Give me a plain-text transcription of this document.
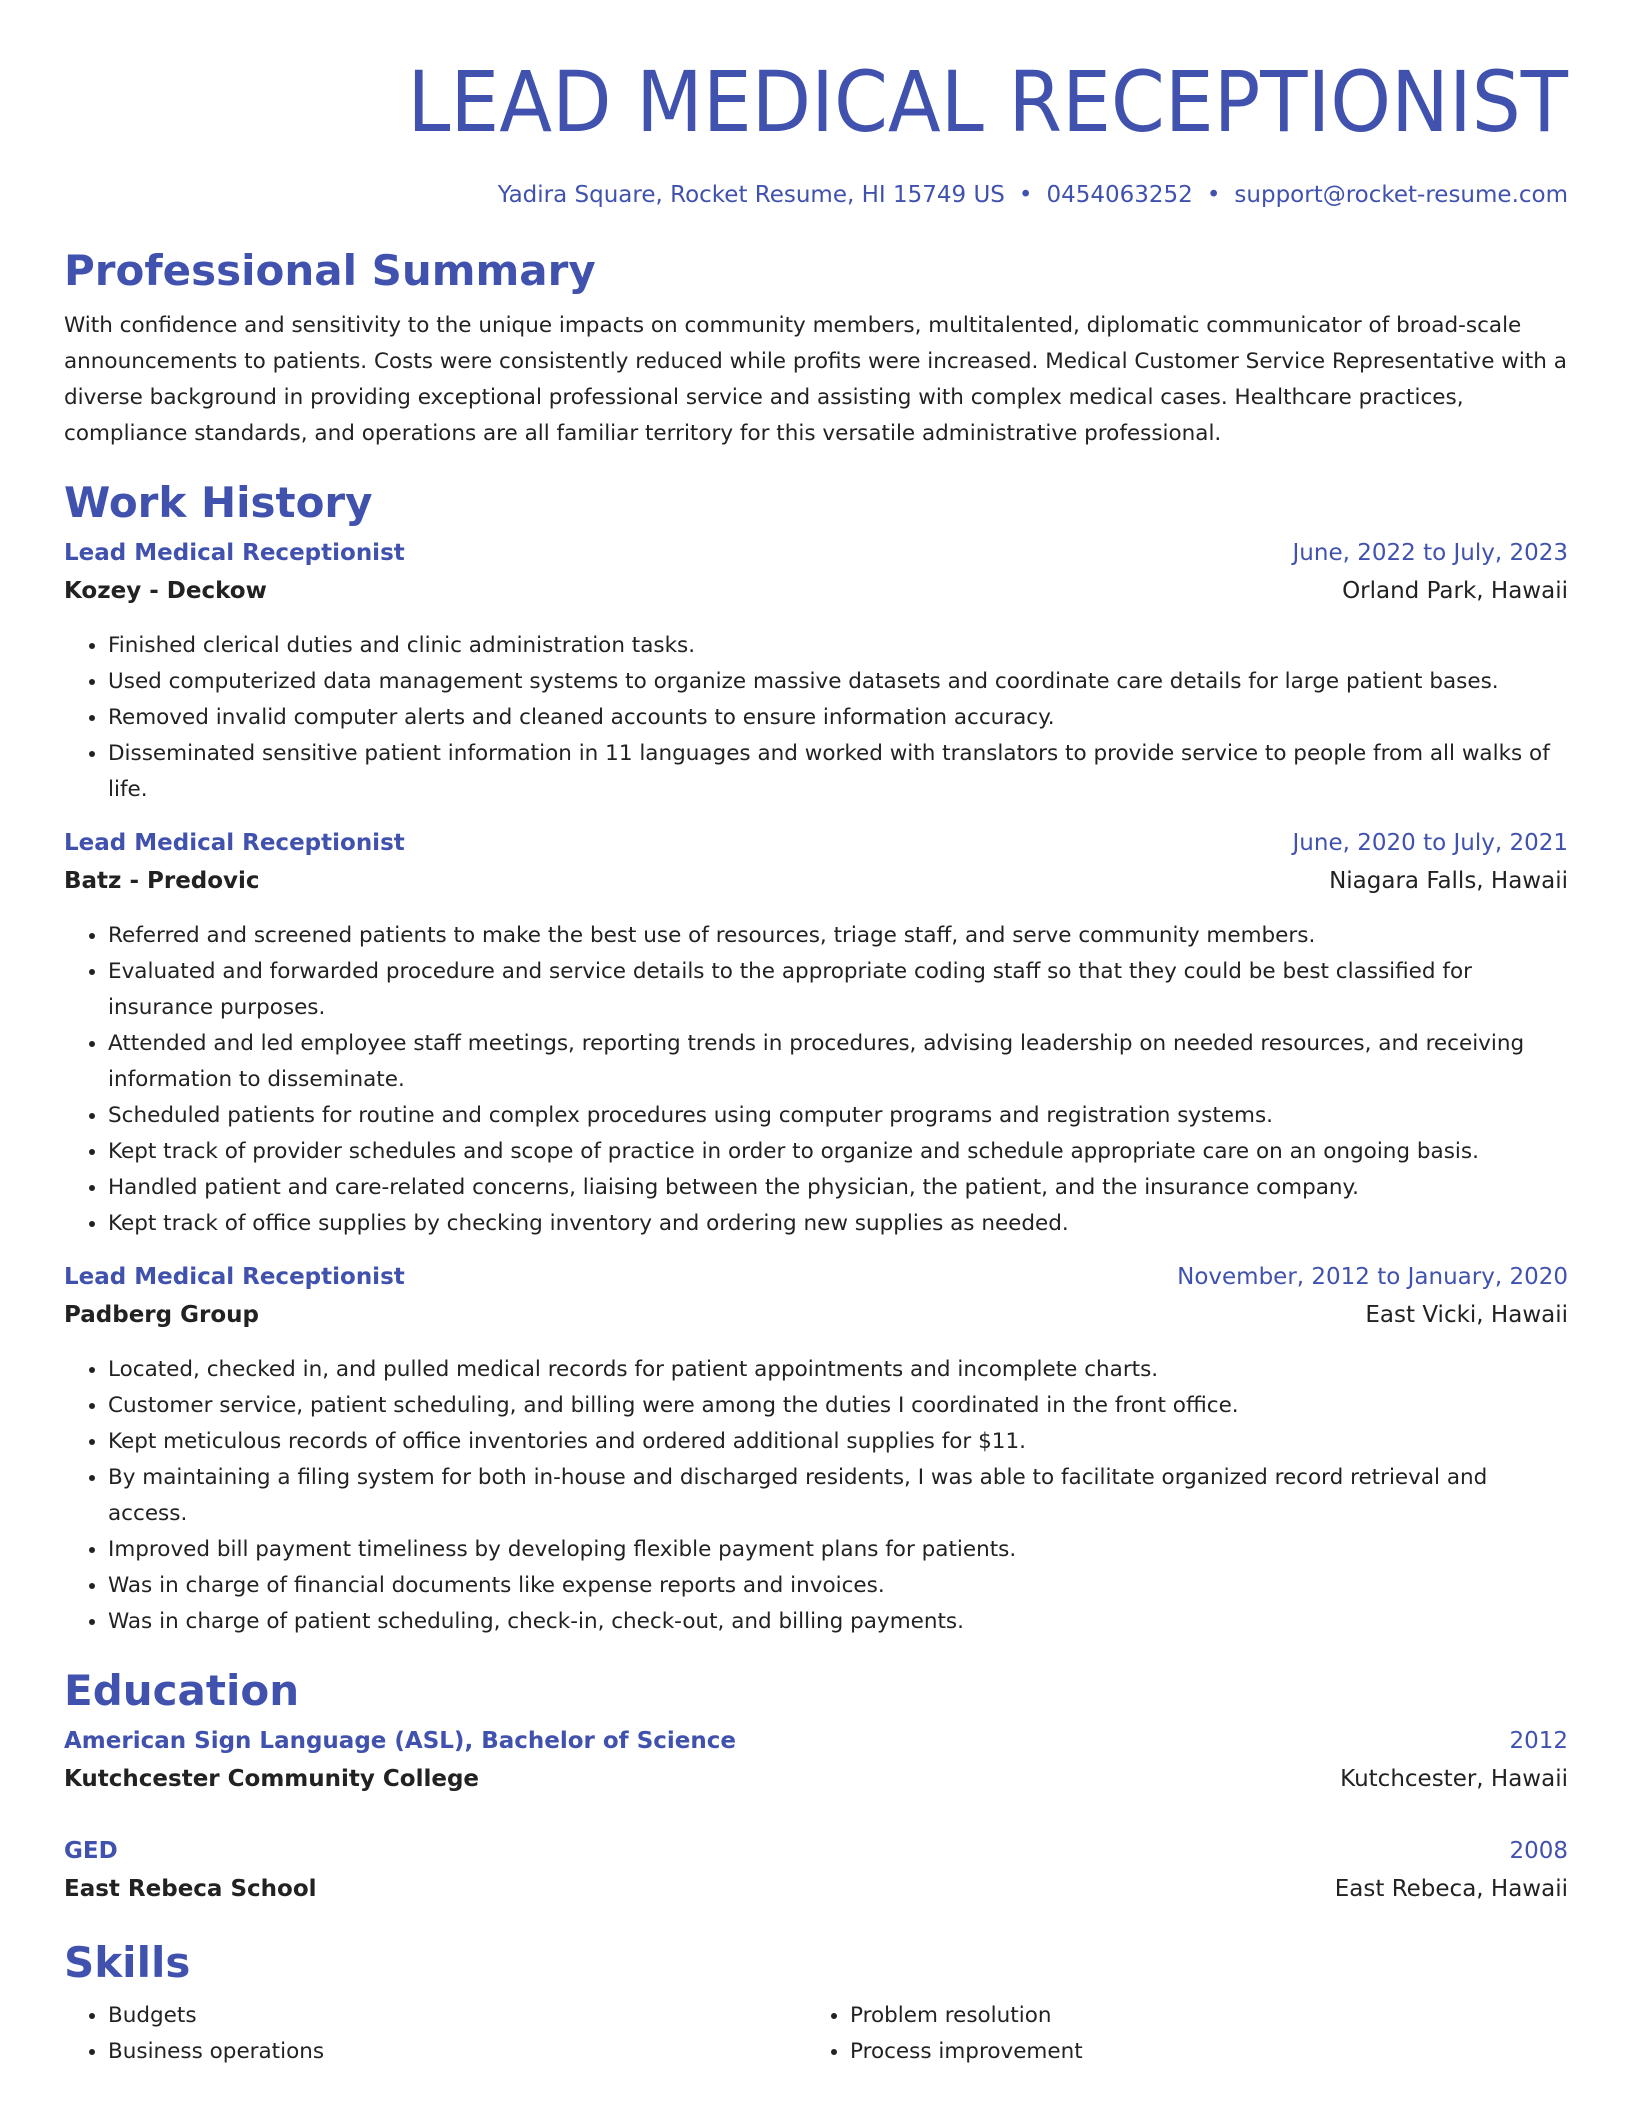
LEAD MEDICAL RECEPTIONIST
Yadira Square, Rocket Resume, HI 15749 US • 0454063252 • support@rocket-resume.com
Professional Summary

With confidence and sensitivity to the unique impacts on community members, multitalented, diplomatic communicator of broad-scale announcements to patients. Costs were consistently reduced while profits were increased. Medical Customer Service Representative with a diverse background in providing exceptional professional service and assisting with complex medical cases. Healthcare practices, compliance standards, and operations are all familiar territory for this versatile administrative professional.

Work History
Lead Medical Receptionist	June, 2022 to July, 2023
Kozey - Deckow	Orland Park, Hawaii
• Finished clerical duties and clinic administration tasks.
• Used computerized data management systems to organize massive datasets and coordinate care details for large patient bases.
• Removed invalid computer alerts and cleaned accounts to ensure information accuracy.
• Disseminated sensitive patient information in 11 languages and worked with translators to provide service to people from all walks of life.
Lead Medical Receptionist	June, 2020 to July, 2021
Batz - Predovic	Niagara Falls, Hawaii
• Referred and screened patients to make the best use of resources, triage staff, and serve community members.
• Evaluated and forwarded procedure and service details to the appropriate coding staff so that they could be best classified for insurance purposes.
• Attended and led employee staff meetings, reporting trends in procedures, advising leadership on needed resources, and receiving information to disseminate.
• Scheduled patients for routine and complex procedures using computer programs and registration systems.
• Kept track of provider schedules and scope of practice in order to organize and schedule appropriate care on an ongoing basis.
• Handled patient and care-related concerns, liaising between the physician, the patient, and the insurance company.
• Kept track of office supplies by checking inventory and ordering new supplies as needed.
Lead Medical Receptionist	November, 2012 to January, 2020
Padberg Group	East Vicki, Hawaii
• Located, checked in, and pulled medical records for patient appointments and incomplete charts.
• Customer service, patient scheduling, and billing were among the duties I coordinated in the front office.
• Kept meticulous records of office inventories and ordered additional supplies for $11.
• By maintaining a filing system for both in-house and discharged residents, I was able to facilitate organized record retrieval and access.
• Improved bill payment timeliness by developing flexible payment plans for patients.
• Was in charge of financial documents like expense reports and invoices.
• Was in charge of patient scheduling, check-in, check-out, and billing payments.
Education
American Sign Language (ASL), Bachelor of Science	2012
Kutchcester Community College	Kutchcester, Hawaii
GED	2008
East Rebeca School	East Rebeca, Hawaii
Skills
• Budgets
• Business operations
• Problem resolution
• Process improvement
